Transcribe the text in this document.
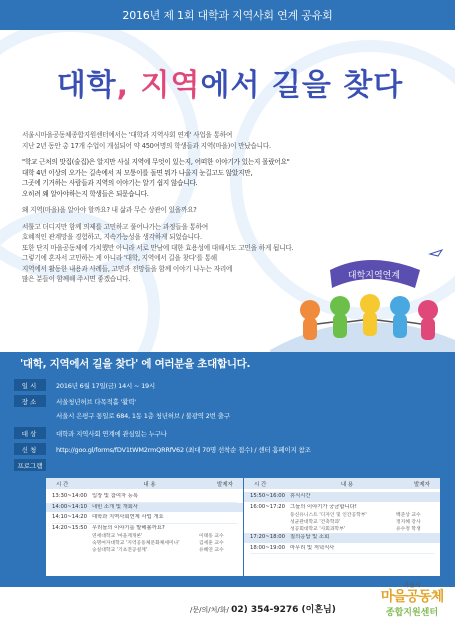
2016년 제 1회 대학과 지역사회 연계 공유회
대학, 지역에서 길을 찾다

서울시마을공동체종합지원센터에서는 '대학과 지역사회 연계' 사업을 통하여
지난 2년 동안 총 17개 수업이 개설되어 약 450여명의 학생들과 지역(마을)이 만났습니다.

"학교 근처의 맛집(술집)은 알지만 사실 지역에 무엇이 있는지, 어떠한 이야기가 있는지 몰랐어요"
대학 4년 이상의 오가는 길속에서 저 모퉁이를 돌면 뭐가 나올지 눈길고도 않았지만,
그곳에 기거하는 사람들과 지역의 이야기는 알기 쉽지 않습니다.
오히려 왜 알아야하는지 학생들은 되묻습니다.

왜 지역(마을)을 알아야 할까요? 내 삶과 무슨 상관이 있을까요?

서툴고 더디지만 함께 의제를 고민하고 풀어나가는 과정들을 통하여
호혜적인 관계망을 경험하고, 지속가능성을 생각하게 되었습니다.
또한 단지 마을공동체에 가치했만 아니라 서로 만남에 대한 효용성에 대해서도 고민을 하게 됩니다.
그렇기에 혼자서 고민하는 게 아니라 '대학, 지역에서 길을 찾다'를 통해
지역에서 활동한 내용과 사례들, 고민과 전망들을 함께 이야기 나누는 자리에
많은 분들이 함께해 주시면 좋겠습니다.	대학지역연계
'대학, 지역에서 길을 찾다' 에 여러분을 초대합니다.
일시	2016년 6월 17일(금) 14시 ~ 19시
장소	서울청년허브 다목적홀 '활력'
서울시 은평구 통일로 684, 1동 1층 청년허브 / 불광역 2번 출구
대상	대학과 지역사회 연계에 관심있는 누구나
신청	http://goo.gl/forms/fDV1tWM2rmQRRfV62 (최대 70명 선착순 접수) / 센터 홈페이지 참조
프로그램
시 간	내 용	발제자
13:30~14:00 입장 및 참여자 등록
14:00~14:10 내빈 소개 및 개회사
14:10~14:20 대학과 지역사회연계 사업 개요
14:20~15:50 우리들의 이야기를 말해볼까요?
연세대학교 '마을계개론'	이태동 교수
숙명여자대학교 '지역공동체문화체세미나'	김세훈 교수
숭실대학교 '기초전공설계'	유혜연 교수
시 간	내 용	발제자
15:50~16:00 휴식시간
16:00~17:20 그들의 이야기가 궁금합니다!
동신유니스트 '디자인 및 인간공학부'	백준상 교수
성균관대학교 '건축학과'	정지혜 강사
성공회대학교 '사회과학부'	유수정 학생
17:20~18:00 질의응답 및 소회
18:00~19:00 마무리 및 저녁식사
/문/의/처/화/ 02) 354-9276 (이혼님)
서울시
마을공동체
종합지원센터
